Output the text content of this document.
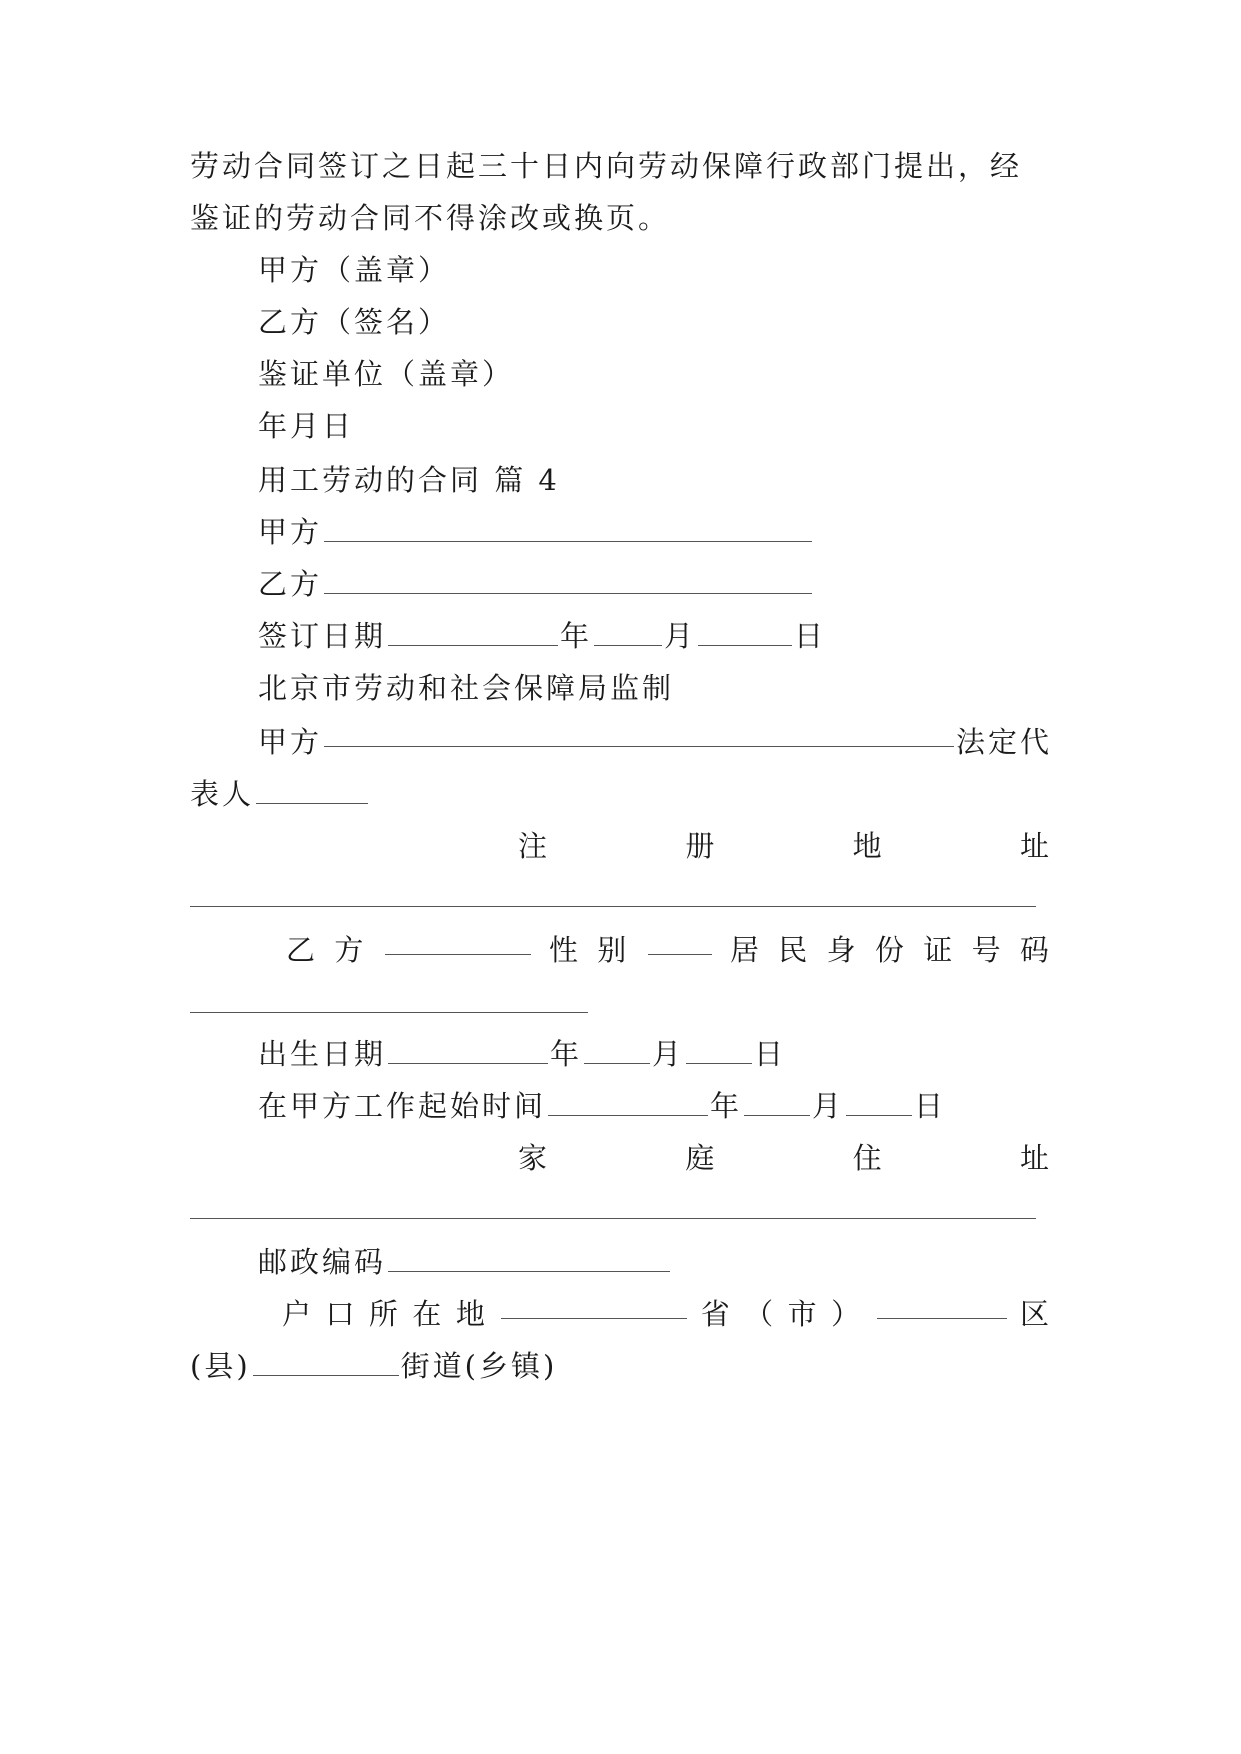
劳动合同签订之日起三十日内向劳动保障行政部门提出，经
鉴证的劳动合同不得涂改或换页。
甲方（盖章）
乙方（签名）
鉴证单位（盖章）
年月日
用工劳动的合同 篇 4
甲方
乙方
签订日期	年 月	日
北京市劳动和社会保障局监制
甲方	法定代
表人
注	册	地	址
乙 方	性 别	居 民 身 份 证 号 码
出生日期	年 月 日
在甲方工作起始时间	年 月 日
家	庭	住	址
邮政编码
户 口 所 在 地	省 （ 市 ）	区
(县)	街道(乡镇)
